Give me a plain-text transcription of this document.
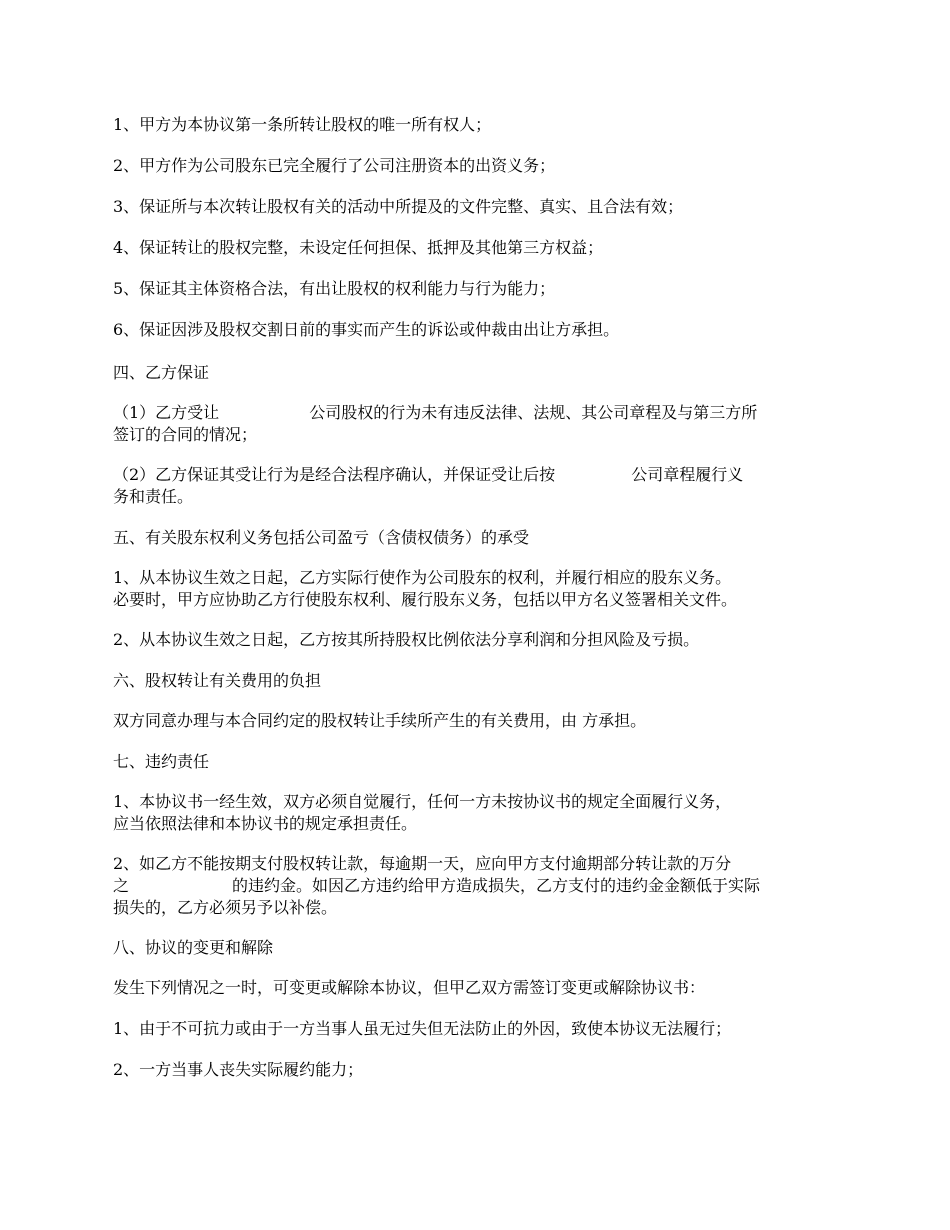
1、甲方为本协议第一条所转让股权的唯一所有权人；

2、甲方作为公司股东已完全履行了公司注册资本的出资义务；

3、保证所与本次转让股权有关的活动中所提及的文件完整、真实、且合法有效；

4、保证转让的股权完整，未设定任何担保、抵押及其他第三方权益；

5、保证其主体资格合法，有出让股权的权利能力与行为能力；

6、保证因涉及股权交割日前的事实而产生的诉讼或仲裁由出让方承担。

四、乙方保证

（1）乙方受让	公司股权的行为未有违反法律、法规、其公司章程及与第三方所

签订的合同的情况；

（2）乙方保证其受让行为是经合法程序确认，并保证受让后按	公司章程履行义

务和责任。

五、有关股东权利义务包括公司盈亏（含债权债务）的承受

1、从本协议生效之日起，乙方实际行使作为公司股东的权利，并履行相应的股东义务。

必要时，甲方应协助乙方行使股东权利、履行股东义务，包括以甲方名义签署相关文件。

2、从本协议生效之日起，乙方按其所持股权比例依法分享利润和分担风险及亏损。

六、股权转让有关费用的负担

双方同意办理与本合同约定的股权转让手续所产生的有关费用，由 方承担。

七、违约责任

1、本协议书一经生效，双方必须自觉履行，任何一方未按协议书的规定全面履行义务，

应当依照法律和本协议书的规定承担责任。

2、如乙方不能按期支付股权转让款，每逾期一天，应向甲方支付逾期部分转让款的万分

之	的违约金。如因乙方违约给甲方造成损失，乙方支付的违约金金额低于实际

损失的，乙方必须另予以补偿。

八、协议的变更和解除

发生下列情况之一时，可变更或解除本协议，但甲乙双方需签订变更或解除协议书：

1、由于不可抗力或由于一方当事人虽无过失但无法防止的外因，致使本协议无法履行；

2、一方当事人丧失实际履约能力；
